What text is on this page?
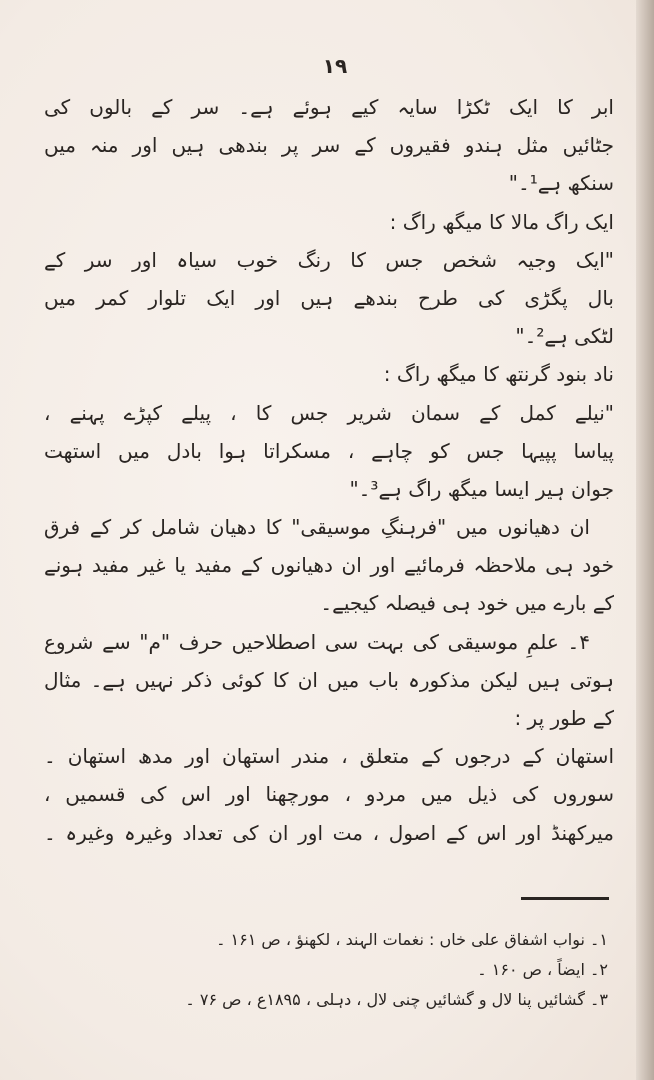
۱۹
ابر کا ایک ٹکڑا سایہ کیے ہوئے ہے۔ سر کے بالوں کی
جٹائیں مثل ہندو فقیروں کے سر پر بندھی ہیں اور منہ میں
سنکھ ہے¹۔"
ایک راگ مالا کا میگھ راگ :
"ایک وجیہ شخص جس کا رنگ خوب سیاہ اور سر کے
بال پگڑی کی طرح بندھے ہیں اور ایک تلوار کمر میں
لٹکی ہے²۔"
ناد بنود گرنتھ کا میگھ راگ :
"نیلے کمل کے سمان شریر جس کا ، پیلے کپڑے پہنے ،
پیاسا پپیہا جس کو چاہے ، مسکراتا ہوا بادل میں استھت
جوان ہیر ایسا میگھ راگ ہے³۔"
ان دھیانوں میں "فرہنگِ موسیقی" کا دھیان شامل کر کے فرق
خود ہی ملاحظہ فرمائیے اور ان دھیانوں کے مفید یا غیر مفید ہونے
کے بارے میں خود ہی فیصلہ کیجیے۔
۴۔ علمِ موسیقی کی بہت سی اصطلاحیں حرف "م" سے شروع
ہوتی ہیں لیکن مذکورہ باب میں ان کا کوئی ذکر نہیں ہے۔ مثال
کے طور پر :
استھان کے درجوں کے متعلق ، مندر استھان اور مدھ استھان ۔
سوروں کی ذیل میں مردو ، مورچھنا اور اس کی قسمیں ،
میرکھنڈ اور اس کے اصول ، مت اور ان کی تعداد وغیرہ وغیرہ ۔
۱۔ نواب اشفاق علی خاں : نغمات الہند ، لکھنؤ ، ص ۱۶۱ ۔
۲۔ ایضاً ، ص ۱۶۰ ۔
۳۔ گشائیں پنا لال و گشائیں چنی لال ، دہلی ، ۱۸۹۵ع ، ص ۷۶ ۔
